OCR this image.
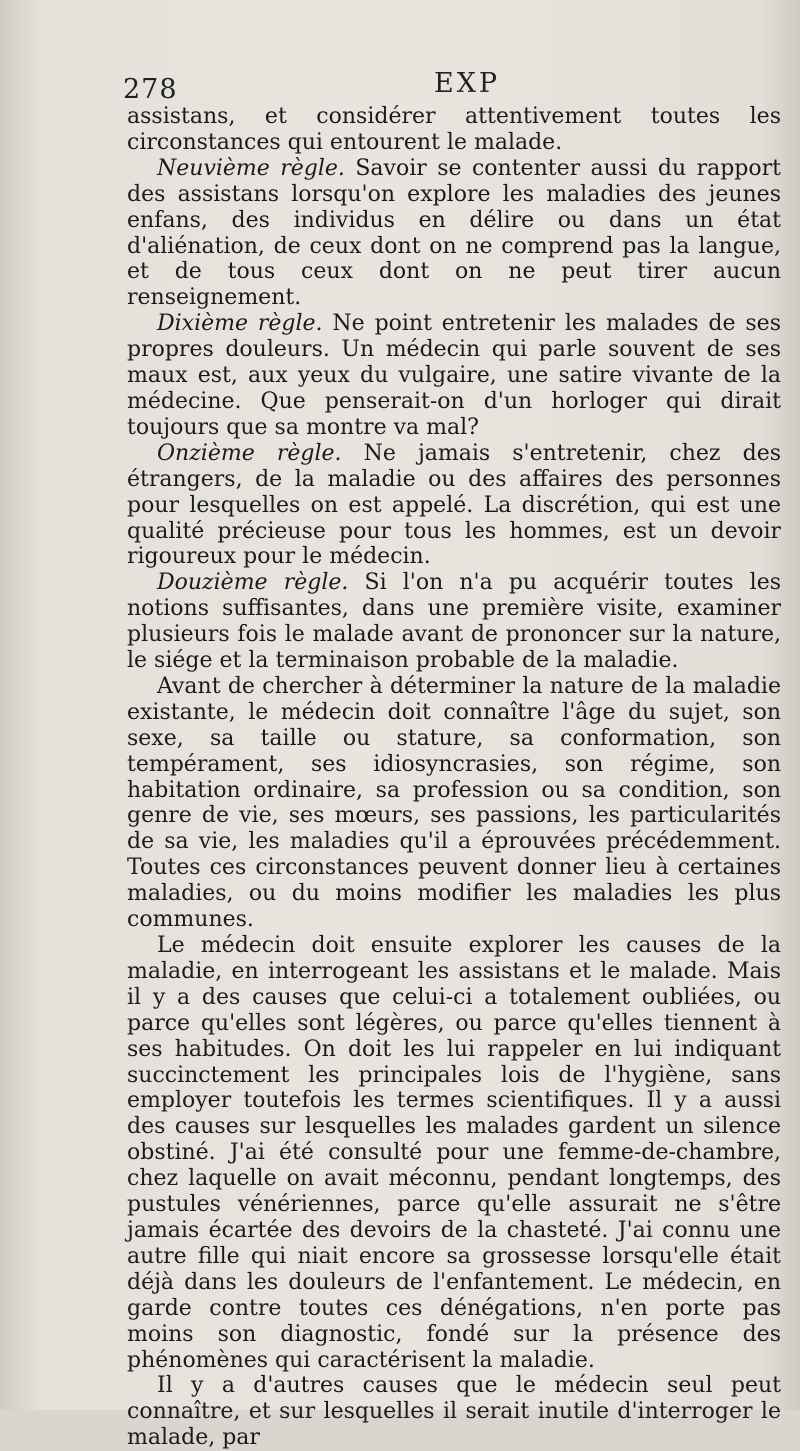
278	EXP

assistans, et considérer attentivement toutes les circonstances qui entourent le malade.

Neuvième règle. Savoir se contenter aussi du rapport des assistans lorsqu'on explore les maladies des jeunes enfans, des individus en délire ou dans un état d'aliénation, de ceux dont on ne comprend pas la langue, et de tous ceux dont on ne peut tirer aucun renseignement.

Dixième règle. Ne point entretenir les malades de ses propres douleurs. Un médecin qui parle souvent de ses maux est, aux yeux du vulgaire, une satire vivante de la médecine. Que penserait-on d'un horloger qui dirait toujours que sa montre va mal?

Onzième règle. Ne jamais s'entretenir, chez des étrangers, de la maladie ou des affaires des personnes pour lesquelles on est appelé. La discrétion, qui est une qualité précieuse pour tous les hommes, est un devoir rigoureux pour le médecin.

Douzième règle. Si l'on n'a pu acquérir toutes les notions suffisantes, dans une première visite, examiner plusieurs fois le malade avant de prononcer sur la nature, le siége et la terminaison probable de la maladie.

Avant de chercher à déterminer la nature de la maladie existante, le médecin doit connaître l'âge du sujet, son sexe, sa taille ou stature, sa conformation, son tempérament, ses idiosyncrasies, son régime, son habitation ordinaire, sa profession ou sa condition, son genre de vie, ses mœurs, ses passions, les particularités de sa vie, les maladies qu'il a éprouvées précédemment. Toutes ces circonstances peuvent donner lieu à certaines maladies, ou du moins modifier les maladies les plus communes.

Le médecin doit ensuite explorer les causes de la maladie, en interrogeant les assistans et le malade. Mais il y a des causes que celui-ci a totalement oubliées, ou parce qu'elles sont légères, ou parce qu'elles tiennent à ses habitudes. On doit les lui rappeler en lui indiquant succinctement les principales lois de l'hygiène, sans employer toutefois les termes scientifiques. Il y a aussi des causes sur lesquelles les malades gardent un silence obstiné. J'ai été consulté pour une femme-de-chambre, chez laquelle on avait méconnu, pendant longtemps, des pustules vénériennes, parce qu'elle assurait ne s'être jamais écartée des devoirs de la chasteté. J'ai connu une autre fille qui niait encore sa grossesse lorsqu'elle était déjà dans les douleurs de l'enfantement. Le médecin, en garde contre toutes ces dénégations, n'en porte pas moins son diagnostic, fondé sur la présence des phénomènes qui caractérisent la maladie.

Il y a d'autres causes que le médecin seul peut connaître, et sur lesquelles il serait inutile d'interroger le malade, par
